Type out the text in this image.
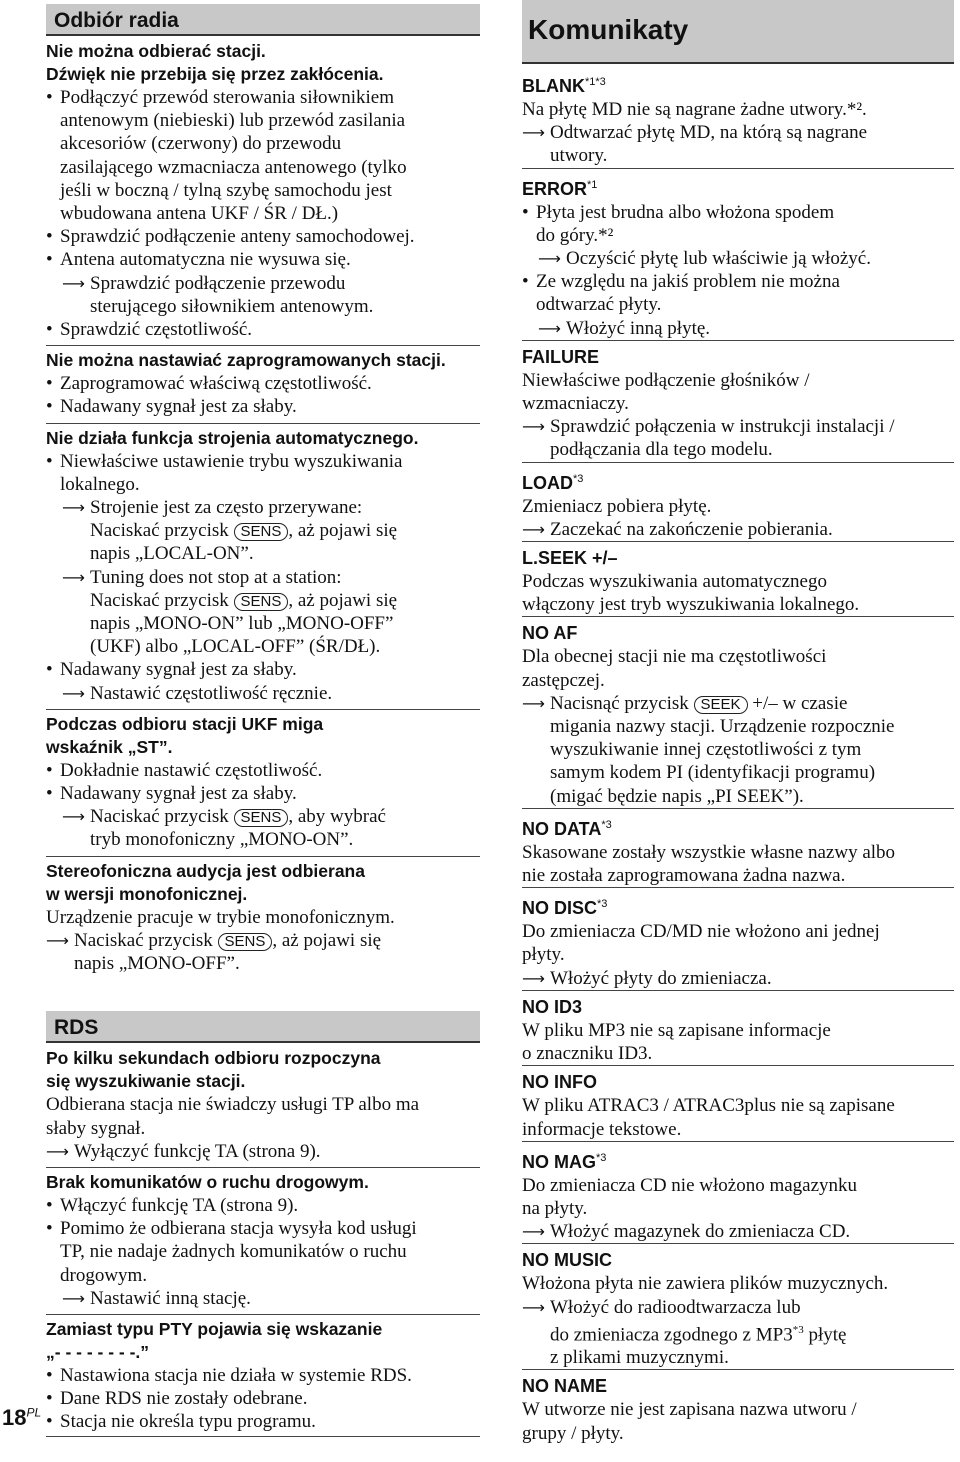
Odbiór radia
Nie można odbierać stacji.
Dźwięk nie przebija się przez zakłócenia.
• Podłączyć przewód sterowania siłownikiem
antenowym (niebieski) lub przewód zasilania
akcesoriów (czerwony) do przewodu
zasilającego wzmacniacza antenowego (tylko
jeśli w boczną / tylną szybę samochodu jest
wbudowana antena UKF / ŚR / DŁ.)
• Sprawdzić podłączenie anteny samochodowej.
• Antena automatyczna nie wysuwa się.
⟶ Sprawdzić podłączenie przewodu
sterującego siłownikiem antenowym.
• Sprawdzić częstotliwość.
Nie można nastawiać zaprogramowanych stacji.
• Zaprogramować właściwą częstotliwość.
• Nadawany sygnał jest za słaby.
Nie działa funkcja strojenia automatycznego.
• Niewłaściwe ustawienie trybu wyszukiwania
lokalnego.
⟶ Strojenie jest za często przerywane:
Naciskać przycisk SENS , aż pojawi się
napis „LOCAL-ON”.
⟶ Tuning does not stop at a station:
Naciskać przycisk SENS , aż pojawi się
napis „MONO-ON” lub „MONO-OFF”
(UKF) albo „LOCAL-OFF” (ŚR/DŁ).
• Nadawany sygnał jest za słaby.
⟶ Nastawić częstotliwość ręcznie.
Podczas odbioru stacji UKF miga
wskaźnik „ST”.
• Dokładnie nastawić częstotliwość.
• Nadawany sygnał jest za słaby.
⟶ Naciskać przycisk SENS , aby wybrać
tryb monofoniczny „MONO-ON”.
Stereofoniczna audycja jest odbierana
w wersji monofonicznej.
Urządzenie pracuje w trybie monofonicznym.
⟶ Naciskać przycisk SENS , aż pojawi się
napis „MONO-OFF”.
RDS
Po kilku sekundach odbioru rozpoczyna
się wyszukiwanie stacji.
Odbierana stacja nie świadczy usługi TP albo ma
słaby sygnał.
⟶ Wyłączyć funkcję TA (strona 9).
Brak komunikatów o ruchu drogowym.
• Włączyć funkcję TA (strona 9).
• Pomimo że odbierana stacja wysyła kod usługi
TP, nie nadaje żadnych komunikatów o ruchu
drogowym.
⟶ Nastawić inną stację.
Zamiast typu PTY pojawia się wskazanie
„- - - - - - - -.”
• Nastawiona stacja nie działa w systemie RDS.
• Dane RDS nie zostały odebrane.
• Stacja nie określa typu programu.
$18^{PL}$
Komunikaty
$BLANK^{*1*3}$
Na płytę MD nie są nagrane żadne utwory.*².
⟶ Odtwarzać płytę MD, na którą są nagrane
utwory.
ERROR$^{*1}$
• Płyta jest brudna albo włożona spodem
do góry.*²
⟶ Oczyścić płytę lub właściwie ją włożyć.
• Ze względu na jakiś problem nie można
odtwarzać płyty.
⟶ Włożyć inną płytę.
FAILURE
Niewłaściwe podłączenie głośników /
wzmacniaczy.
⟶ Sprawdzić połączenia w instrukcji instalacji /
podłączania dla tego modelu.
LOAD$^{*3}$
Zmieniacz pobiera płytę.
⟶ Zaczekać na zakończenie pobierania.
L.SEEK +/–
Podczas wyszukiwania automatycznego
włączony jest tryb wyszukiwania lokalnego.
NO AF
Dla obecnej stacji nie ma częstotliwości
zastępczej.
⟶ Nacisnąć przycisk SEEK +/– w czasie
migania nazwy stacji. Urządzenie rozpocznie
wyszukiwanie innej częstotliwości z tym
samym kodem PI (identyfikacji programu)
(migać będzie napis „PI SEEK”).
NO DATA$^{*3}$
Skasowane zostały wszystkie własne nazwy albo
nie została zaprogramowana żadna nazwa.
NO DISC$^{*3}$
Do zmieniacza CD/MD nie włożono ani jednej
płyty.
⟶ Włożyć płyty do zmieniacza.
NO ID3
W pliku MP3 nie są zapisane informacje
o znaczniku ID3.
NO INFO
W pliku ATRAC3 / ATRAC3plus nie są zapisane
informacje tekstowe.
NO MAG$^{*3}$
Do zmieniacza CD nie włożono magazynku
na płyty.
⟶ Włożyć magazynek do zmieniacza CD.
NO MUSIC
Włożona płyta nie zawiera plików muzycznych.
⟶ Włożyć do radioodtwarzacza lub
do zmieniacza zgodnego z MP3$^{*3}$ płytę
z plikami muzycznymi.
NO NAME
W utworze nie jest zapisana nazwa utworu /
grupy / płyty.
